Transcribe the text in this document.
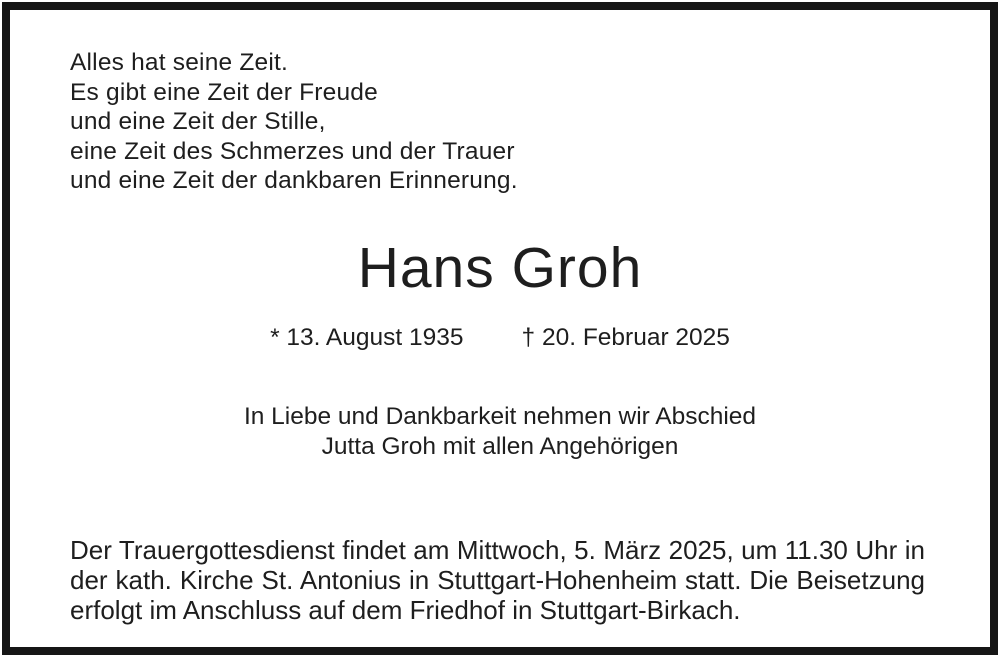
Alles hat seine Zeit.
Es gibt eine Zeit der Freude
und eine Zeit der Stille,
eine Zeit des Schmerzes und der Trauer
und eine Zeit der dankbaren Erinnerung.
Hans Groh
* 13. August 1935 † 20. Februar 2025
In Liebe und Dankbarkeit nehmen wir Abschied
Jutta Groh mit allen Angehörigen
Der Trauergottesdienst findet am Mittwoch, 5. März 2025, um 11.30 Uhr in
der kath. Kirche St. Antonius in Stuttgart-Hohenheim statt. Die Beisetzung
erfolgt im Anschluss auf dem Friedhof in Stuttgart-Birkach.
